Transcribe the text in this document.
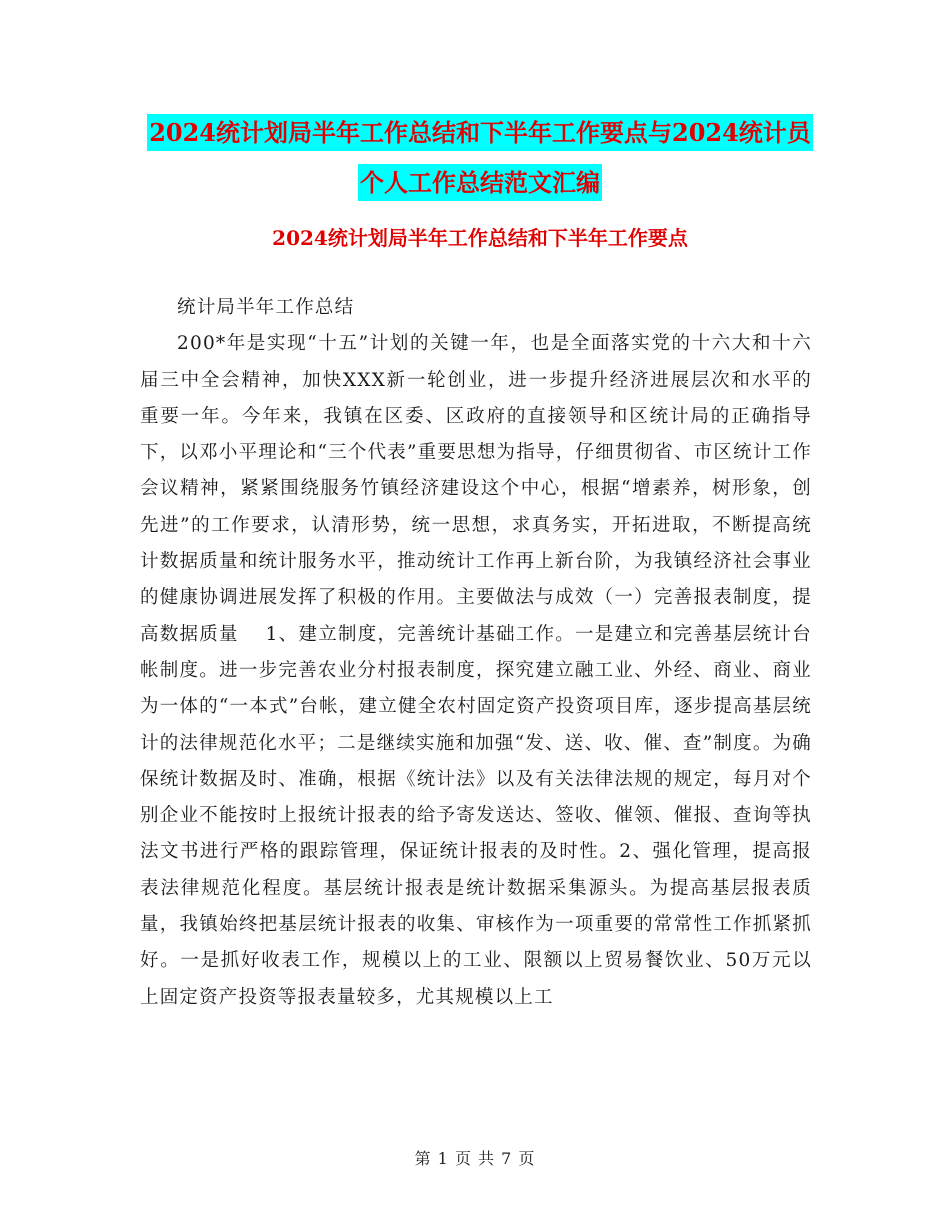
2024统计划局半年工作总结和下半年工作要点与2024统计员个人工作总结范文汇编
2024统计划局半年工作总结和下半年工作要点

统计局半年工作总结

200*年是实现“十五”计划的关键一年，也是全面落实党的十六大和十六届三中全会精神，加快XXX新一轮创业，进一步提升经济进展层次和水平的重要一年。今年来，我镇在区委、区政府的直接领导和区统计局的正确指导下，以邓小平理论和“三个代表”重要思想为指导，仔细贯彻省、市区统计工作会议精神，紧紧围绕服务竹镇经济建设这个中心，根据“增素养，树形象，创先进”的工作要求，认清形势，统一思想，求真务实，开拓进取，不断提高统计数据质量和统计服务水平，推动统计工作再上新台阶，为我镇经济社会事业的健康协调进展发挥了积极的作用。主要做法与成效（一）完善报表制度，提高数据质量　 1、建立制度，完善统计基础工作。一是建立和完善基层统计台帐制度。进一步完善农业分村报表制度，探究建立融工业、外经、商业、商业为一体的“一本式”台帐，建立健全农村固定资产投资项目库，逐步提高基层统计的法律规范化水平；二是继续实施和加强“发、送、收、催、查”制度。为确保统计数据及时、准确，根据《统计法》以及有关法律法规的规定，每月对个别企业不能按时上报统计报表的给予寄发送达、签收、催领、催报、查询等执法文书进行严格的跟踪管理，保证统计报表的及时性。2、强化管理，提高报表法律规范化程度。基层统计报表是统计数据采集源头。为提高基层报表质量，我镇始终把基层统计报表的收集、审核作为一项重要的常常性工作抓紧抓好。一是抓好收表工作，规模以上的工业、限额以上贸易餐饮业、50万元以上固定资产投资等报表量较多，尤其规模以上工

第 1 页 共 7 页
